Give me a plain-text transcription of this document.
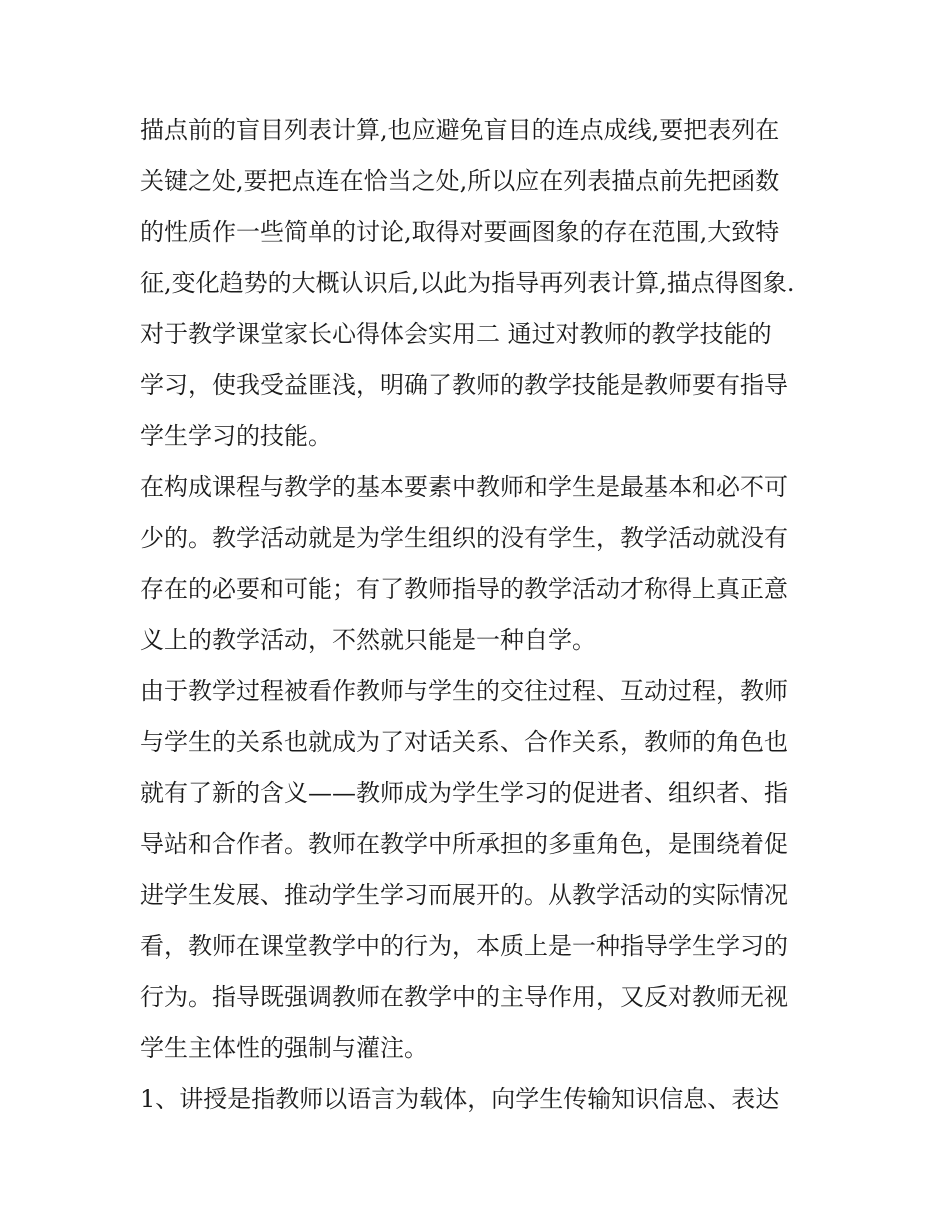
描点前的盲目列表计算,也应避免盲目的连点成线,要把表列在
关键之处,要把点连在恰当之处,所以应在列表描点前先把函数
的性质作一些简单的讨论,取得对要画图象的存在范围,大致特
征,变化趋势的大概认识后,以此为指导再列表计算,描点得图象.
对于教学课堂家长心得体会实用二 通过对教师的教学技能的
学习，使我受益匪浅，明确了教师的教学技能是教师要有指导
学生学习的技能。
在构成课程与教学的基本要素中教师和学生是最基本和必不可
少的。教学活动就是为学生组织的没有学生，教学活动就没有
存在的必要和可能；有了教师指导的教学活动才称得上真正意
义上的教学活动，不然就只能是一种自学。
由于教学过程被看作教师与学生的交往过程、互动过程，教师
与学生的关系也就成为了对话关系、合作关系，教师的角色也
就有了新的含义——教师成为学生学习的促进者、组织者、指
导站和合作者。教师在教学中所承担的多重角色，是围绕着促
进学生发展、推动学生学习而展开的。从教学活动的实际情况
看，教师在课堂教学中的行为，本质上是一种指导学生学习的
行为。指导既强调教师在教学中的主导作用，又反对教师无视
学生主体性的强制与灌注。
1、讲授是指教师以语言为载体，向学生传输知识信息、表达
